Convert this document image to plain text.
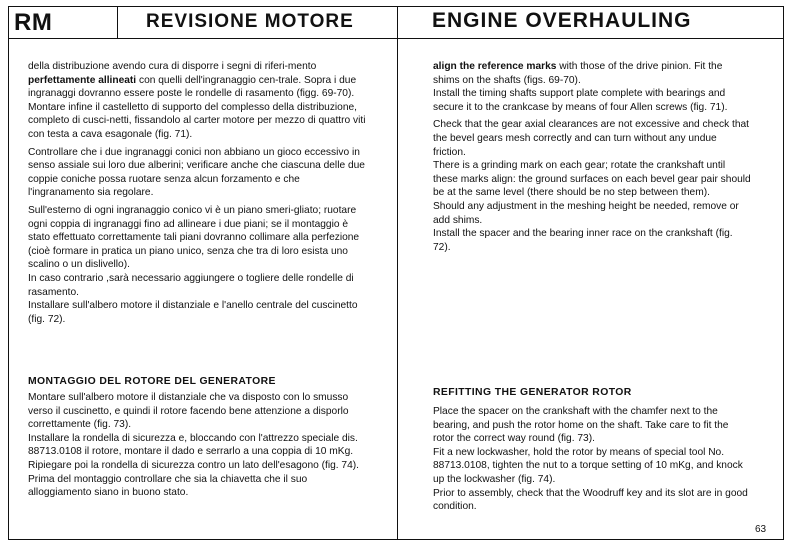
RM	REVISIONE MOTORE	ENGINE OVERHAULING

della distribuzione avendo cura di disporre i segni di riferi-mento perfettamente allineati con quelli dell'ingranaggio cen-trale. Sopra i due ingranaggi dovranno essere poste le rondelle di rasamento (figg. 69-70). Montare infine il castelletto di supporto del complesso della distribuzione, completo di cusci-netti, fissandolo al carter motore per mezzo di quattro viti con testa a cava esagonale (fig. 71).

Controllare che i due ingranaggi conici non abbiano un gioco eccessivo in senso assiale sui loro due alberini; verificare anche che ciascuna delle due coppie coniche possa ruotare senza alcun forzamento e che l'ingranamento sia regolare.

Sull'esterno di ogni ingranaggio conico vi è un piano smeri-gliato; ruotare ogni coppia di ingranaggi fino ad allineare i due piani; se il montaggio è stato effettuato correttamente tali piani dovranno collimare alla perfezione (cioè formare in pratica un piano unico, senza che tra di loro esista uno scalino o un dislivello).

In caso contrario ,sarà necessario aggiungere o togliere delle rondelle di rasamento.

Installare sull'albero motore il distanziale e l'anello centrale del cuscinetto (fig. 72).

MONTAGGIO DEL ROTORE DEL GENERATORE

Montare sull'albero motore il distanziale che va disposto con lo smusso verso il cuscinetto, e quindi il rotore facendo bene attenzione a disporlo correttamente (fig. 73).

Installare la rondella di sicurezza e, bloccando con l'attrezzo speciale dis. 88713.0108 il rotore, montare il dado e serrarlo a una coppia di 10 mKg. Ripiegare poi la rondella di sicurezza contro un lato dell'esagono (fig. 74).

Prima del montaggio controllare che sia la chiavetta che il suo alloggiamento siano in buono stato.

align the reference marks with those of the drive pinion. Fit the shims on the shafts (figs. 69-70).

Install the timing shafts support plate complete with bearings and secure it to the crankcase by means of four Allen screws (fig. 71).

Check that the gear axial clearances are not excessive and check that the bevel gears mesh correctly and can turn without any undue friction.

There is a grinding mark on each gear; rotate the crankshaft until these marks align: the ground surfaces on each bevel gear pair should be at the same level (there should be no step between them).

Should any adjustment in the meshing height be needed, remove or add shims.

Install the spacer and the bearing inner race on the crankshaft (fig. 72).

REFITTING THE GENERATOR ROTOR

Place the spacer on the crankshaft with the chamfer next to the bearing, and push the rotor home on the shaft. Take care to fit the rotor the correct way round (fig. 73).

Fit a new lockwasher, hold the rotor by means of special tool No. 88713.0108, tighten the nut to a torque setting of 10 mKg, and knock up the lockwasher (fig. 74).

Prior to assembly, check that the Woodruff key and its slot are in good condition.

63
